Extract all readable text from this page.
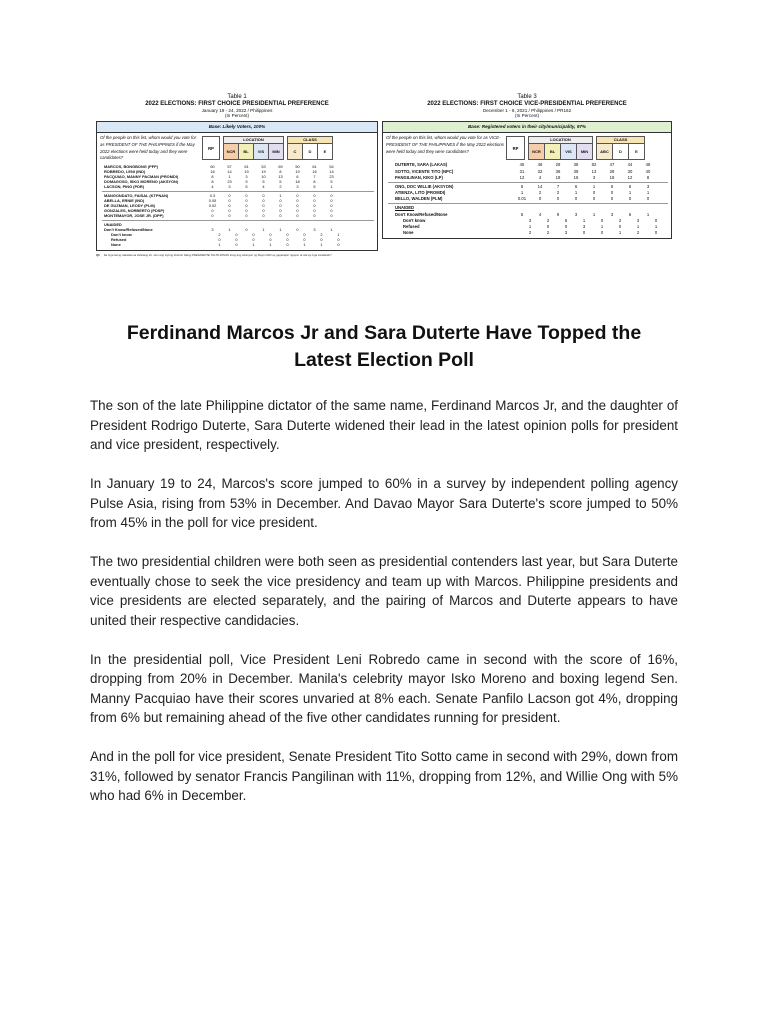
Table 1
2022 ELECTIONS: FIRST CHOICE PRESIDENTIAL PREFERENCE
January 19 - 24, 2022 / Philippines
(In Percent)
Base: Likely Voters, 100%
Of the people on this list, whom would you vote for as PRESIDENT OF THE PHILIPPINES if the May 2022 elections were held today and they were candidates?
RP
LOCATION
NCR	BL	VIS	MIN
CLASS
C	D	E
MARCOS, BONGBONG (PFP)	60	57	61	53	69	50	61	54
ROBREDO, LENI (IND)	16	14	19	19	8	19	16	14
PACQUIAO, MANNY PACMAN (PROMDI)	8	1	3	10	13	6	7	23
DOMAGOSO, ISKO MORENO (AKSYON)	8	23	9	5	5	18	8	5
LACSON, PING (PDR)	4	3	5	4	2	3	5	1
MANGONDATO, FAISAL (KTPNAN)	0.3	0	0	0	1	0	0	0
ABELLA, ERNIE (IND)	0.05	0	0	0	0	0	0	0
DE GUZMAN, LEODY (PLM)	0.02	0	0	0	0	0	0	0
GONZALES, NORBERTO (PDSP)	0	0	0	0	0	0	0	0
MONTEMAYOR, JOSE JR. (DPP)	0	0	0	0	0	0	0	0
UNAIDED
Don't Know/Refused/None	3	1	0	1	1	0	3	1
Don't know	2	0	0	0	0	0	2	1
Refused	0	0	0	0	0	0	0	0
None	1	0	1	1	0	1	1	0
Q6 Sa mga taong nakatala sa listahang ito, sino ang inyong iboboto bilang PRESIDENTE NG PILIPINAS kung ang eleksyon ng Mayo 2022 ay gaganapin ngayon at sila ay mga kandidato?
Table 3
2022 ELECTIONS: FIRST CHOICE VICE-PRESIDENTIAL PREFERENCE
December 1 - 6, 2021 / Philippines / PR162
(In Percent)
Base: Registered voters in their city/municipality, 97%
Of the people on this list, whom would you vote for as VICE-PRESIDENT OF THE PHILIPPINES if the May 2022 elections were held today and they were candidates?
RP
LOCATION
NCR	BL	VIS	MIN
CLASS
ABC	D	E
DUTERTE, SARA (LAKAS)	45	46	28	38	82	47	44	48
SOTTO, VICENTE TITO (NPC)	31	32	36	39	13	28	30	40
PANGILINAN, KIKO (LP)	12	4	18	16	3	18	12	8
ONG, DOC WILLIE (AKSYON)	6	14	7	6	1	6	6	3
ATIENZA, LITO (PROMDI)	1	2	2	1	0	0	1	1
BELLO, WALDEN (PLM)	0.01	0	0	0	0	0	0	0
UNAIDED
Don't Know/Refused/None	5	4	9	3	1	3	6	1
Don't know	3	2	6	1	0	2	3	0
Refused	1	0	0	3	1	0	1	1
None	2	2	3	0	0	1	2	0
Ferdinand Marcos Jr and Sara Duterte Have Topped the Latest Election Poll

The son of the late Philippine dictator of the same name, Ferdinand Marcos Jr, and the daughter of President Rodrigo Duterte, Sara Duterte widened their lead in the latest opinion polls for president and vice president, respectively.

In January 19 to 24, Marcos's score jumped to 60% in a survey by independent polling agency Pulse Asia, rising from 53% in December. And Davao Mayor Sara Duterte's score jumped to 50% from 45% in the poll for vice president.

The two presidential children were both seen as presidential contenders last year, but Sara Duterte eventually chose to seek the vice presidency and team up with Marcos. Philippine presidents and vice presidents are elected separately, and the pairing of Marcos and Duterte appears to have united their respective candidacies.

In the presidential poll, Vice President Leni Robredo came in second with the score of 16%, dropping from 20% in December. Manila's celebrity mayor Isko Moreno and boxing legend Sen. Manny Pacquiao have their scores unvaried at 8% each. Senate Panfilo Lacson got 4%, dropping from 6% but remaining ahead of the five other candidates running for president.

And in the poll for vice president, Senate President Tito Sotto came in second with 29%, down from 31%, followed by senator Francis Pangilinan with 11%, dropping from 12%, and Willie Ong with 5% who had 6% in December.
